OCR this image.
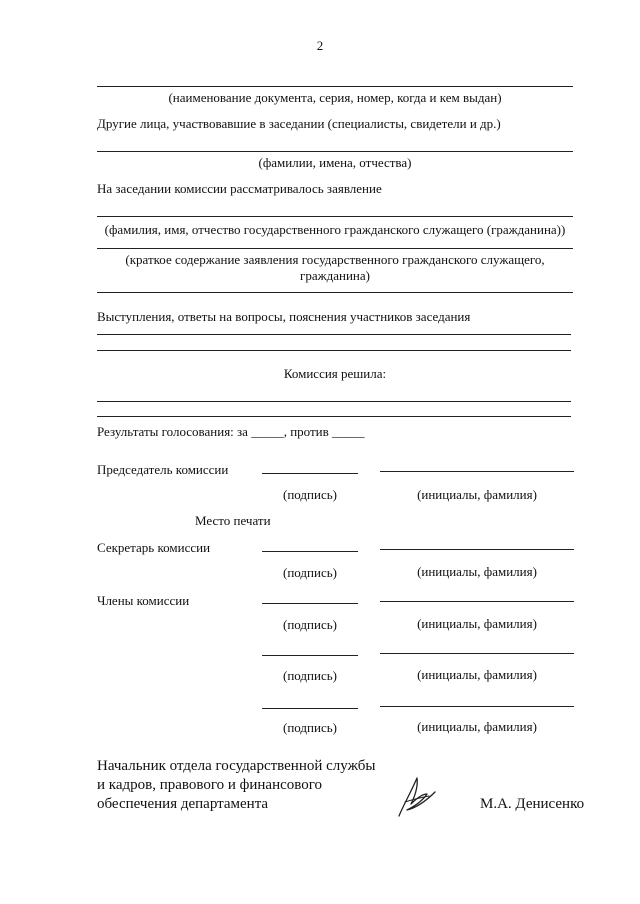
2
(наименование документа, серия, номер, когда и кем выдан)
Другие лица, участвовавшие в заседании (специалисты, свидетели и др.)
(фамилии, имена, отчества)
На заседании комиссии рассматривалось заявление
(фамилия, имя, отчество государственного гражданского служащего (гражданина))
(краткое содержание заявления государственного гражданского служащего, гражданина)
Выступления, ответы на вопросы, пояснения участников заседания
Комиссия решила:
Результаты голосования: за _____, против _____
Председатель комиссии
(подпись)	(инициалы, фамилия)
Место печати
Секретарь комиссии
(подпись)	(инициалы, фамилия)
Члены комиссии
(подпись)	(инициалы, фамилия)
(подпись)	(инициалы, фамилия)
(подпись)	(инициалы, фамилия)
Начальник отдела государственной службы
и кадров, правового и финансового
обеспечения департамента	М.А. Денисенко
